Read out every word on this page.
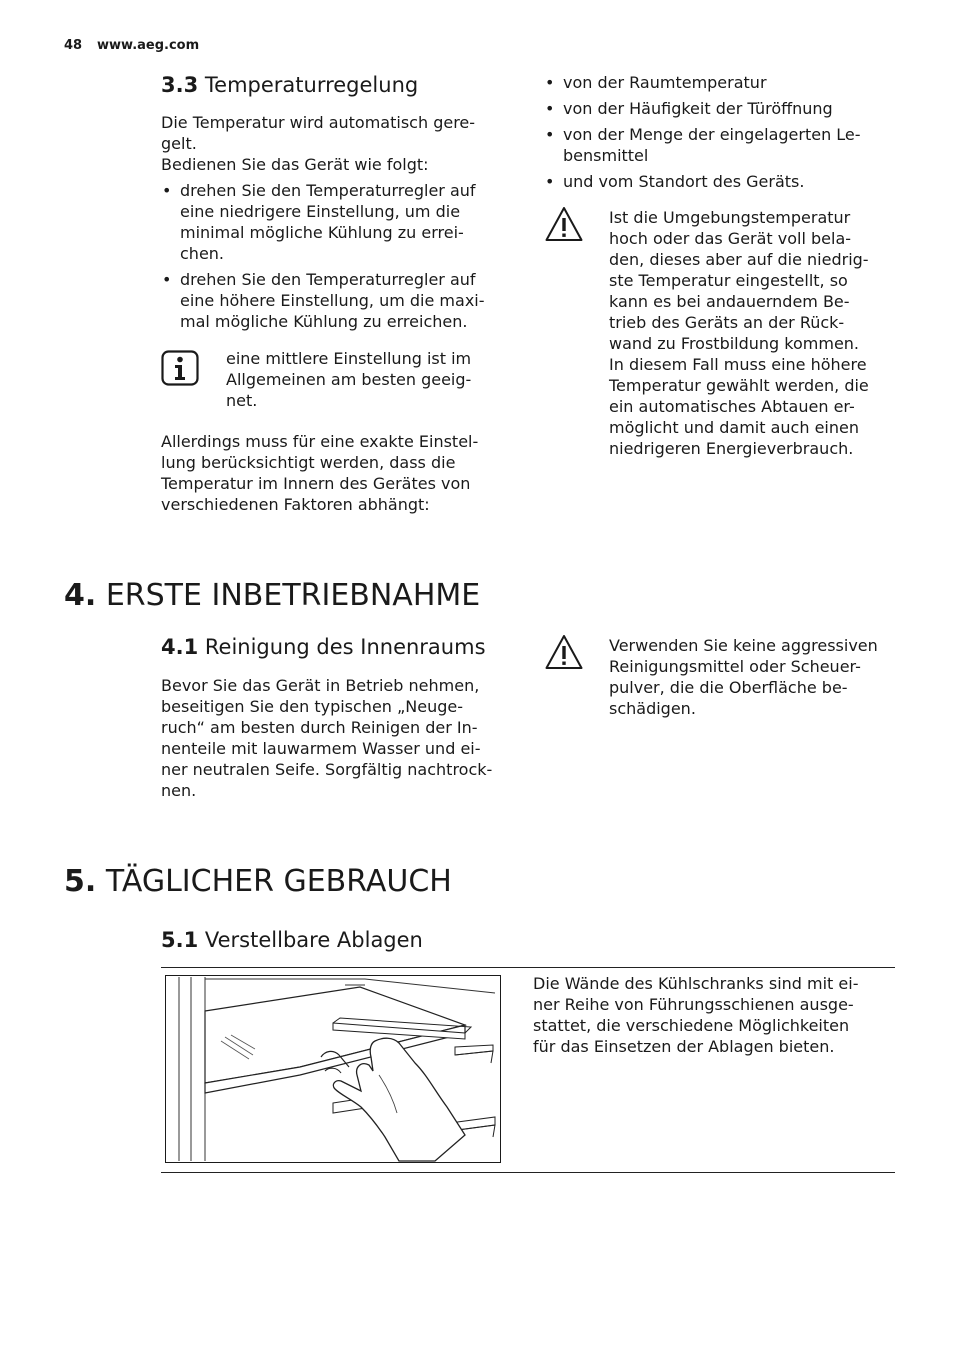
48 www.aeg.com
3.3 Temperaturregelung

Die Temperatur wird automatisch gere-
gelt.
Bedienen Sie das Gerät wie folgt:

• drehen Sie den Temperaturregler auf
eine niedrigere Einstellung, um die
minimal mögliche Kühlung zu errei-
chen.
• drehen Sie den Temperaturregler auf
eine höhere Einstellung, um die maxi-
mal mögliche Kühlung zu erreichen.

eine mittlere Einstellung ist im
Allgemeinen am besten geeig-
net.

Allerdings muss für eine exakte Einstel-
lung berücksichtigt werden, dass die
Temperatur im Innern des Gerätes von
verschiedenen Faktoren abhängt:

• von der Raumtemperatur
• von der Häufigkeit der Türöffnung
• von der Menge der eingelagerten Le-
bensmittel
• und vom Standort des Geräts.

Ist die Umgebungstemperatur
hoch oder das Gerät voll bela-
den, dieses aber auf die niedrig-
ste Temperatur eingestellt, so
kann es bei andauerndem Be-
trieb des Geräts an der Rück-
wand zu Frostbildung kommen.
In diesem Fall muss eine höhere
Temperatur gewählt werden, die
ein automatisches Abtauen er-
möglicht und damit auch einen
niedrigeren Energieverbrauch.

4. ERSTE INBETRIEBNAHME
4.1 Reinigung des Innenraums

Bevor Sie das Gerät in Betrieb nehmen,
beseitigen Sie den typischen „Neuge-
ruch“ am besten durch Reinigen der In-
nenteile mit lauwarmem Wasser und ei-
ner neutralen Seife. Sorgfältig nachtrock-
nen.

Verwenden Sie keine aggressiven
Reinigungsmittel oder Scheuer-
pulver, die die Oberfläche be-
schädigen.

5. TÄGLICHER GEBRAUCH
5.1 Verstellbare Ablagen

Die Wände des Kühlschranks sind mit ei-
ner Reihe von Führungsschienen ausge-
stattet, die verschiedene Möglichkeiten
für das Einsetzen der Ablagen bieten.
